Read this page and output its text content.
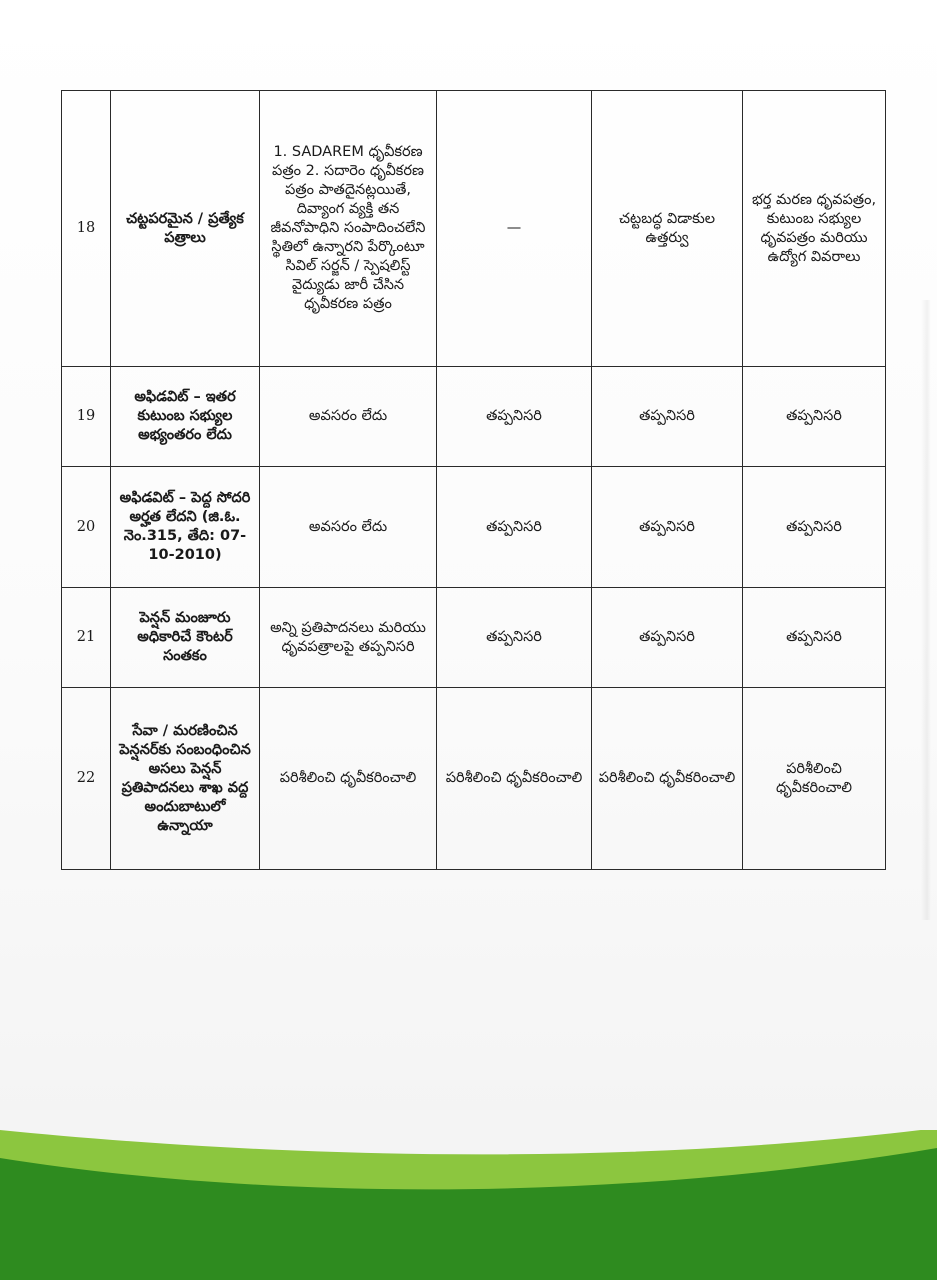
18	చట్టపరమైన / ప్రత్యేక పత్రాలు	1. SADAREM ధృవీకరణ పత్రం 2. సదారెం ధృవీకరణ పత్రం పాతదైనట్లయితే, దివ్యాంగ వ్యక్తి తన జీవనోపాధిని సంపాదించలేని స్థితిలో ఉన్నారని పేర్కొంటూ సివిల్ సర్జన్ / స్పెషలిస్ట్ వైద్యుడు జారీ చేసిన ధృవీకరణ పత్రం	—	చట్టబద్ధ విడాకుల ఉత్తర్వు	భర్త మరణ ధృవపత్రం, కుటుంబ సభ్యుల ధృవపత్రం మరియు ఉద్యోగ వివరాలు
19	అఫిడవిట్ – ఇతర కుటుంబ సభ్యుల అభ్యంతరం లేదు	అవసరం లేదు	తప్పనిసరి	తప్పనిసరి	తప్పనిసరి
20	అఫిడవిట్ – పెద్ద సోదరి అర్హత లేదని (జి.ఓ. నెం.315, తేది: 07-10-2010)	అవసరం లేదు	తప్పనిసరి	తప్పనిసరి	తప్పనిసరి
21	పెన్షన్ మంజూరు అధికారిచే కౌంటర్ సంతకం	అన్ని ప్రతిపాదనలు మరియు ధృవపత్రాలపై తప్పనిసరి	తప్పనిసరి	తప్పనిసరి	తప్పనిసరి
22	సేవా / మరణించిన పెన్షనర్‌కు సంబంధించిన అసలు పెన్షన్ ప్రతిపాదనలు శాఖ వద్ద అందుబాటులో ఉన్నాయా	పరిశీలించి ధృవీకరించాలి	పరిశీలించి ధృవీకరించాలి	పరిశీలించి ధృవీకరించాలి	పరిశీలించి ధృవీకరించాలి
